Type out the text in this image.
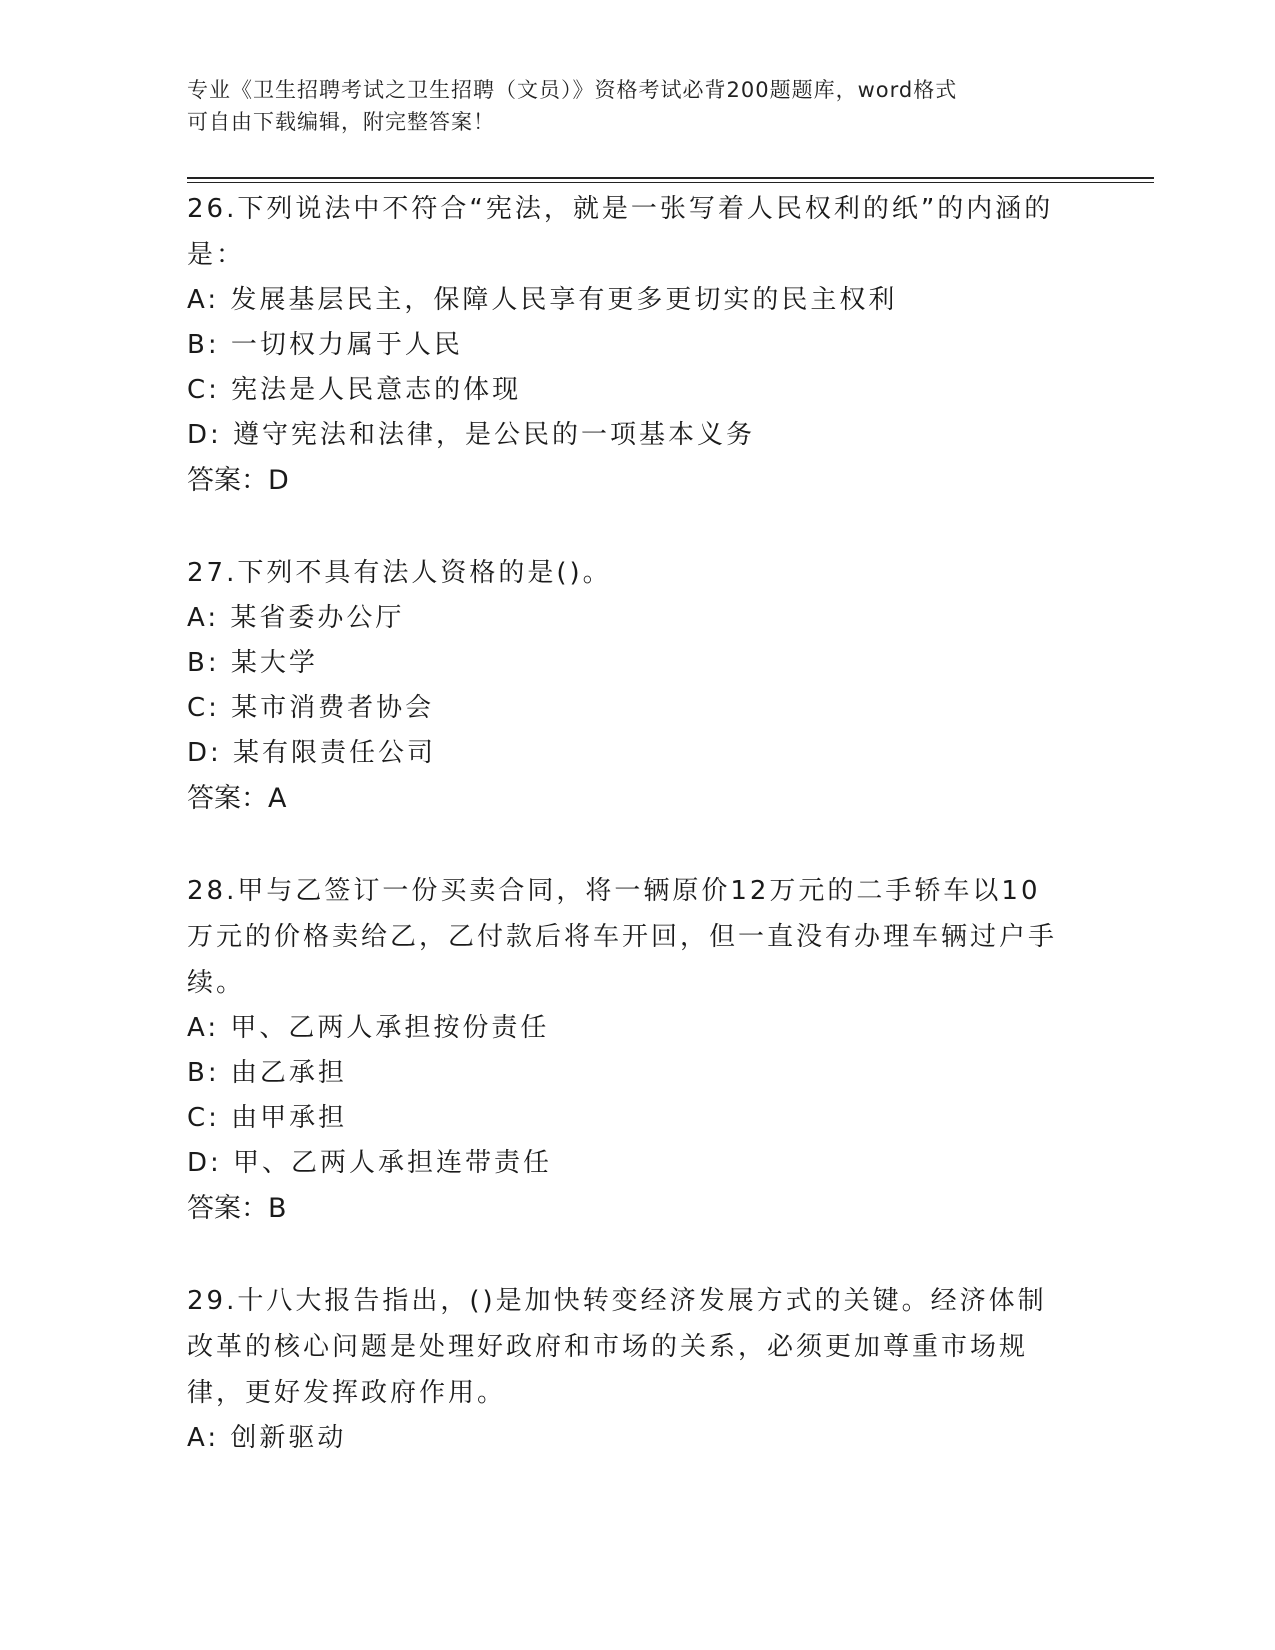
专业《卫生招聘考试之卫生招聘（文员）》资格考试必背200题题库，word格式
可自由下载编辑，附完整答案！

26.下列说法中不符合“宪法，就是一张写着人民权利的纸”的内涵的是：

A: 发展基层民主，保障人民享有更多更切实的民主权利

B: 一切权力属于人民

C: 宪法是人民意志的体现

D: 遵守宪法和法律，是公民的一项基本义务

答案：D

27.下列不具有法人资格的是()。

A: 某省委办公厅

B: 某大学

C: 某市消费者协会

D: 某有限责任公司

答案：A

28.甲与乙签订一份买卖合同，将一辆原价12万元的二手轿车以10万元的价格卖给乙，乙付款后将车开回，但一直没有办理车辆过户手续。

A: 甲、乙两人承担按份责任

B: 由乙承担

C: 由甲承担

D: 甲、乙两人承担连带责任

答案：B

29.十八大报告指出，()是加快转变经济发展方式的关键。经济体制改革的核心问题是处理好政府和市场的关系，必须更加尊重市场规律，更好发挥政府作用。

A: 创新驱动
